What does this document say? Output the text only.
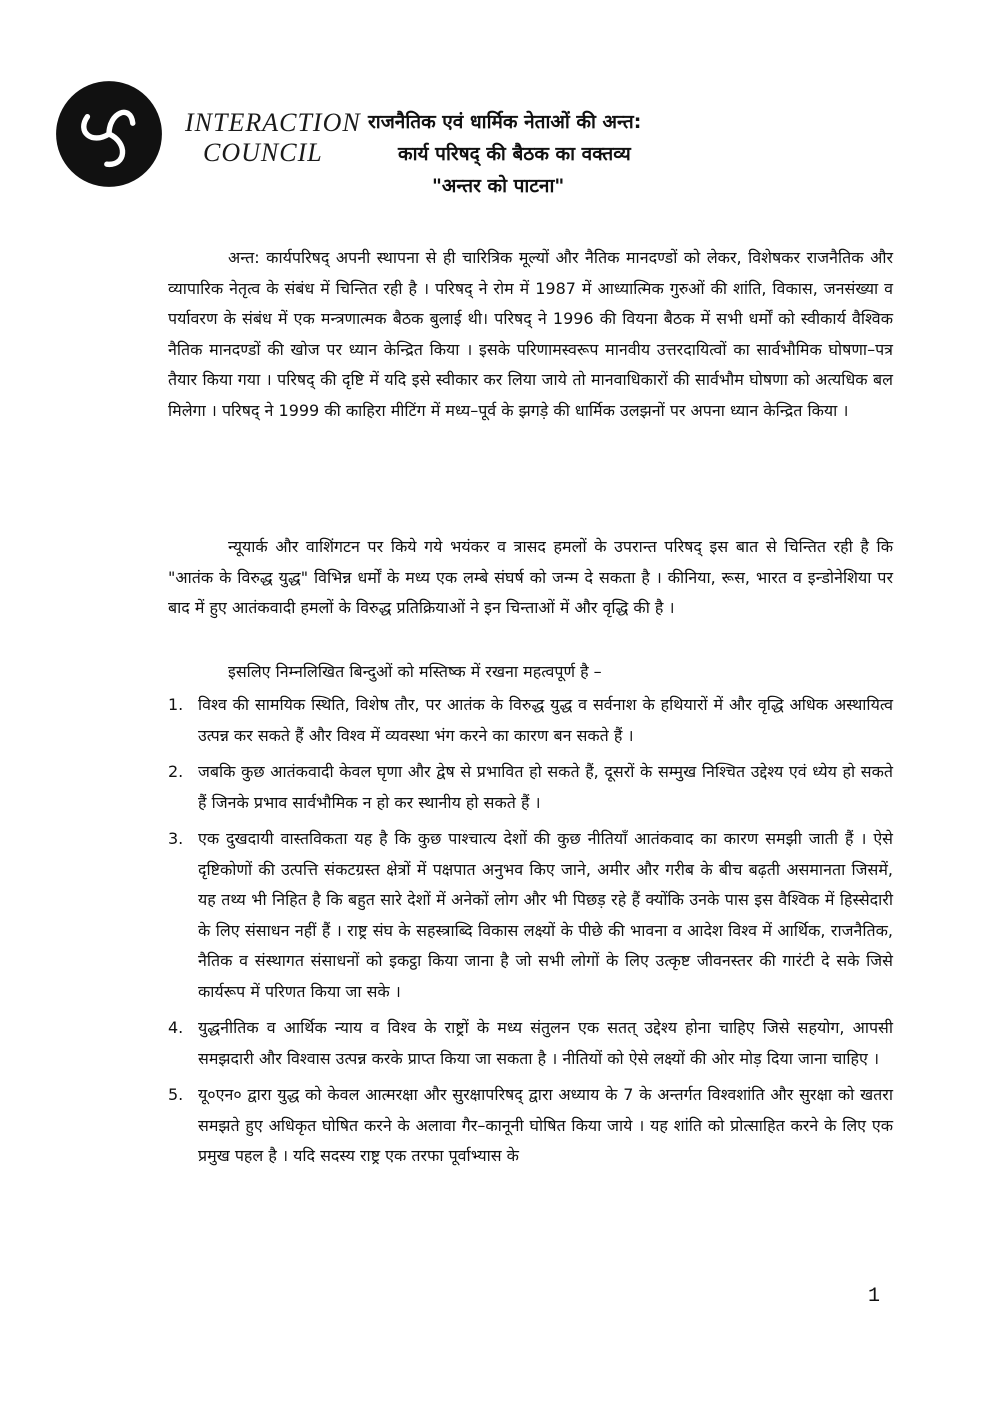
INTERACTION
COUNCIL
राजनैतिक एवं धार्मिक नेताओं की अन्त:
कार्य परिषद् की बैठक का वक्तव्य
"अन्तर को पाटना"

अन्त: कार्यपरिषद् अपनी स्थापना से ही चारित्रिक मूल्यों और नैतिक मानदण्डों को लेकर, विशेषकर राजनैतिक और व्यापारिक नेतृत्व के संबंध में चिन्तित रही है । परिषद् ने रोम में 1987 में आध्यात्मिक गुरुओं की शांति, विकास, जनसंख्या व पर्यावरण के संबंध में एक मन्त्रणात्मक बैठक बुलाई थी। परिषद् ने 1996 की वियना बैठक में सभी धर्मों को स्वीकार्य वैश्विक नैतिक मानदण्डों की खोज पर ध्यान केन्द्रित किया । इसके परिणामस्वरूप मानवीय उत्तरदायित्वों का सार्वभौमिक घोषणा–पत्र तैयार किया गया । परिषद् की दृष्टि में यदि इसे स्वीकार कर लिया जाये तो मानवाधिकारों की सार्वभौम घोषणा को अत्यधिक बल मिलेगा । परिषद् ने 1999 की काहिरा मीटिंग में मध्य–पूर्व के झगड़े की धार्मिक उलझनों पर अपना ध्यान केन्द्रित किया ।

न्यूयार्क और वाशिंगटन पर किये गये भयंकर व त्रासद हमलों के उपरान्त परिषद् इस बात से चिन्तित रही है कि "आतंक के विरुद्ध युद्ध" विभिन्न धर्मों के मध्य एक लम्बे संघर्ष को जन्म दे सकता है । कीनिया, रूस, भारत व इन्डोनेशिया पर बाद में हुए आतंकवादी हमलों के विरुद्ध प्रतिक्रियाओं ने इन चिन्ताओं में और वृद्धि की है ।

इसलिए निम्नलिखित बिन्दुओं को मस्तिष्क में रखना महत्वपूर्ण है –
1. विश्व की सामयिक स्थिति, विशेष तौर, पर आतंक के विरुद्ध युद्ध व सर्वनाश के हथियारों में और वृद्धि अधिक अस्थायित्व उत्पन्न कर सकते हैं और विश्व में व्यवस्था भंग करने का कारण बन सकते हैं ।
2. जबकि कुछ आतंकवादी केवल घृणा और द्वेष से प्रभावित हो सकते हैं, दूसरों के सम्मुख निश्चित उद्देश्य एवं ध्येय हो सकते हैं जिनके प्रभाव सार्वभौमिक न हो कर स्थानीय हो सकते हैं ।
3. एक दुखदायी वास्तविकता यह है कि कुछ पाश्चात्य देशों की कुछ नीतियाँ आतंकवाद का कारण समझी जाती हैं । ऐसे दृष्टिकोणों की उत्पत्ति संकटग्रस्त क्षेत्रों में पक्षपात अनुभव किए जाने, अमीर और गरीब के बीच बढ़ती असमानता जिसमें, यह तथ्य भी निहित है कि बहुत सारे देशों में अनेकों लोग और भी पिछड़ रहे हैं क्योंकि उनके पास इस वैश्विक में हिस्सेदारी के लिए संसाधन नहीं हैं । राष्ट्र संघ के सहस्त्राब्दि विकास लक्ष्यों के पीछे की भावना व आदेश विश्व में आर्थिक, राजनैतिक, नैतिक व संस्थागत संसाधनों को इकट्ठा किया जाना है जो सभी लोगों के लिए उत्कृष्ट जीवनस्तर की गारंटी दे सके जिसे कार्यरूप में परिणत किया जा सके ।
4. युद्धनीतिक व आर्थिक न्याय व विश्व के राष्ट्रों के मध्य संतुलन एक सतत् उद्देश्य होना चाहिए जिसे सहयोग, आपसी समझदारी और विश्वास उत्पन्न करके प्राप्त किया जा सकता है । नीतियों को ऐसे लक्ष्यों की ओर मोड़ दिया जाना चाहिए ।
5. यू०एन० द्वारा युद्ध को केवल आत्मरक्षा और सुरक्षापरिषद् द्वारा अध्याय के 7 के अन्तर्गत विश्वशांति और सुरक्षा को खतरा समझते हुए अधिकृत घोषित करने के अलावा गैर–कानूनी घोषित किया जाये । यह शांति को प्रोत्साहित करने के लिए एक प्रमुख पहल है । यदि सदस्य राष्ट्र एक तरफा पूर्वाभ्यास के
1
